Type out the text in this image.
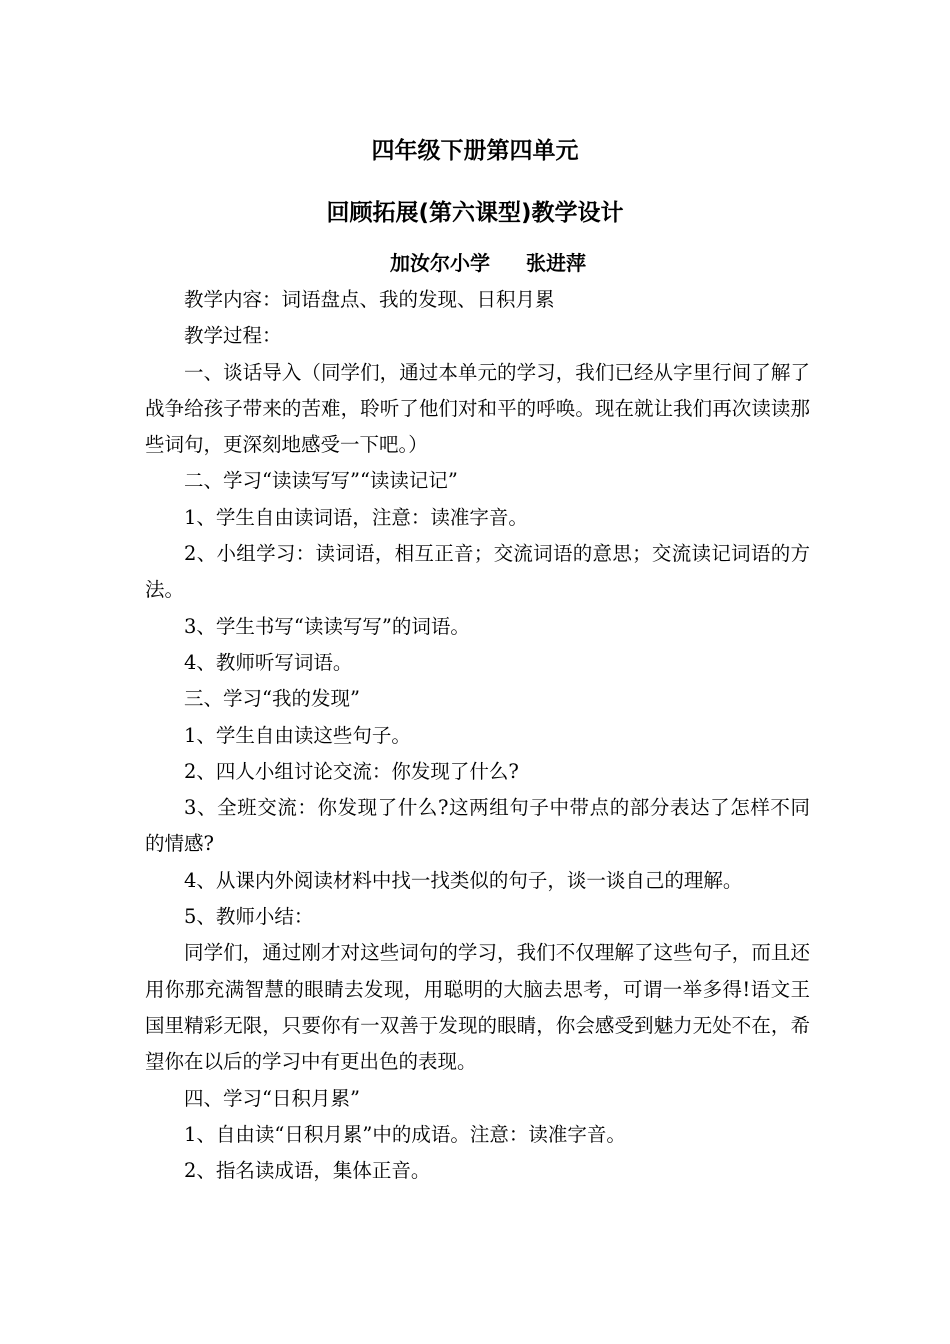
四年级下册第四单元
回顾拓展(第六课型)教学设计
加汝尔小学 张进萍

教学内容：词语盘点、我的发现、日积月累

教学过程：

一、谈话导入（同学们，通过本单元的学习，我们已经从字里行间了解了战争给孩子带来的苦难，聆听了他们对和平的呼唤。现在就让我们再次读读那些词句，更深刻地感受一下吧。）

二、学习“读读写写”“读读记记”

1、学生自由读词语，注意：读准字音。

2、小组学习：读词语，相互正音；交流词语的意思；交流读记词语的方法。

3、学生书写“读读写写”的词语。

4、教师听写词语。

三、学习“我的发现”

1、学生自由读这些句子。

2、四人小组讨论交流：你发现了什么?

3、全班交流：你发现了什么?这两组句子中带点的部分表达了怎样不同的情感?

4、从课内外阅读材料中找一找类似的句子，谈一谈自己的理解。

5、教师小结：

同学们，通过刚才对这些词句的学习，我们不仅理解了这些句子，而且还用你那充满智慧的眼睛去发现，用聪明的大脑去思考，可谓一举多得!语文王国里精彩无限，只要你有一双善于发现的眼睛，你会感受到魅力无处不在，希望你在以后的学习中有更出色的表现。

四、学习“日积月累”

1、自由读“日积月累”中的成语。注意：读准字音。

2、指名读成语，集体正音。
